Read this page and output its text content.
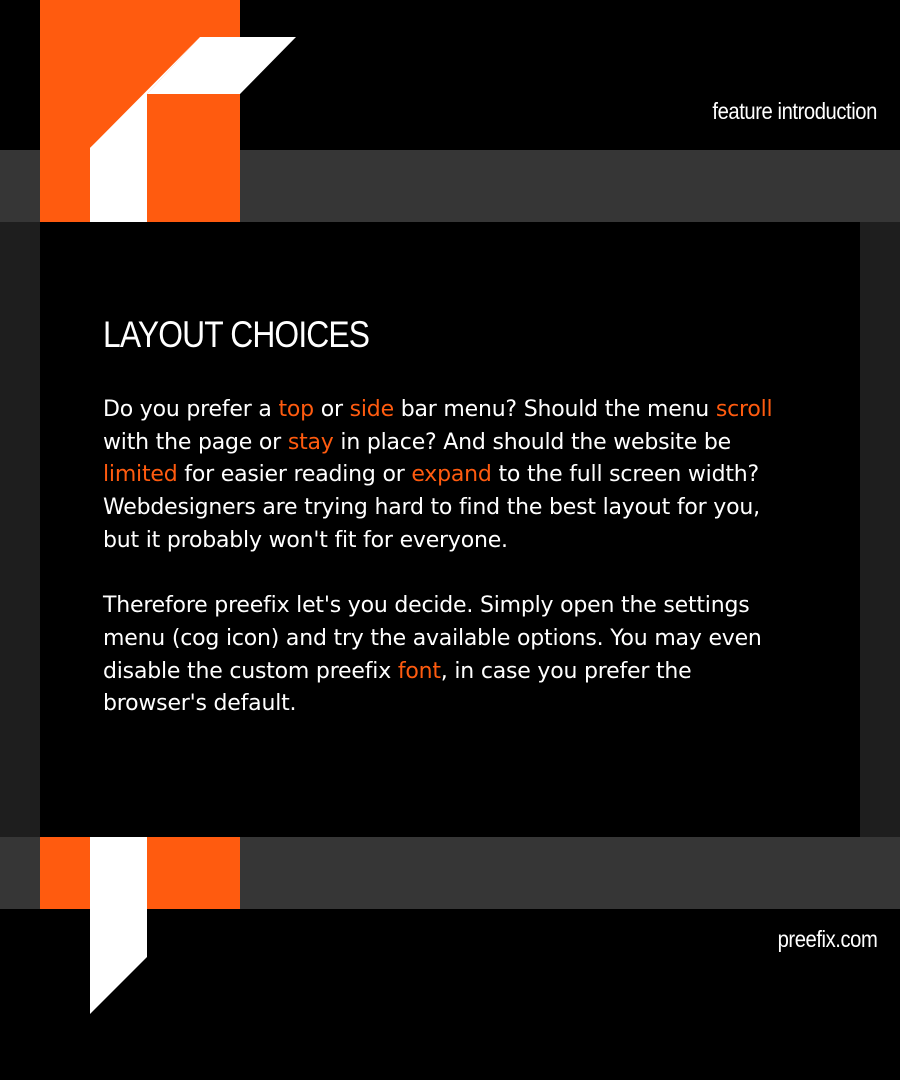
feature introduction

LAYOUT CHOICES

Do you prefer a top or side bar menu? Should the menu scroll with the page or stay in place? And should the website be limited for easier reading or expand to the full screen width? Webdesigners are trying hard to find the best layout for you, but it probably won't fit for everyone.

Therefore preefix let's you decide. Simply open the settings menu (cog icon) and try the available options. You may even disable the custom preefix font, in case you prefer the browser's default.

preefix.com
